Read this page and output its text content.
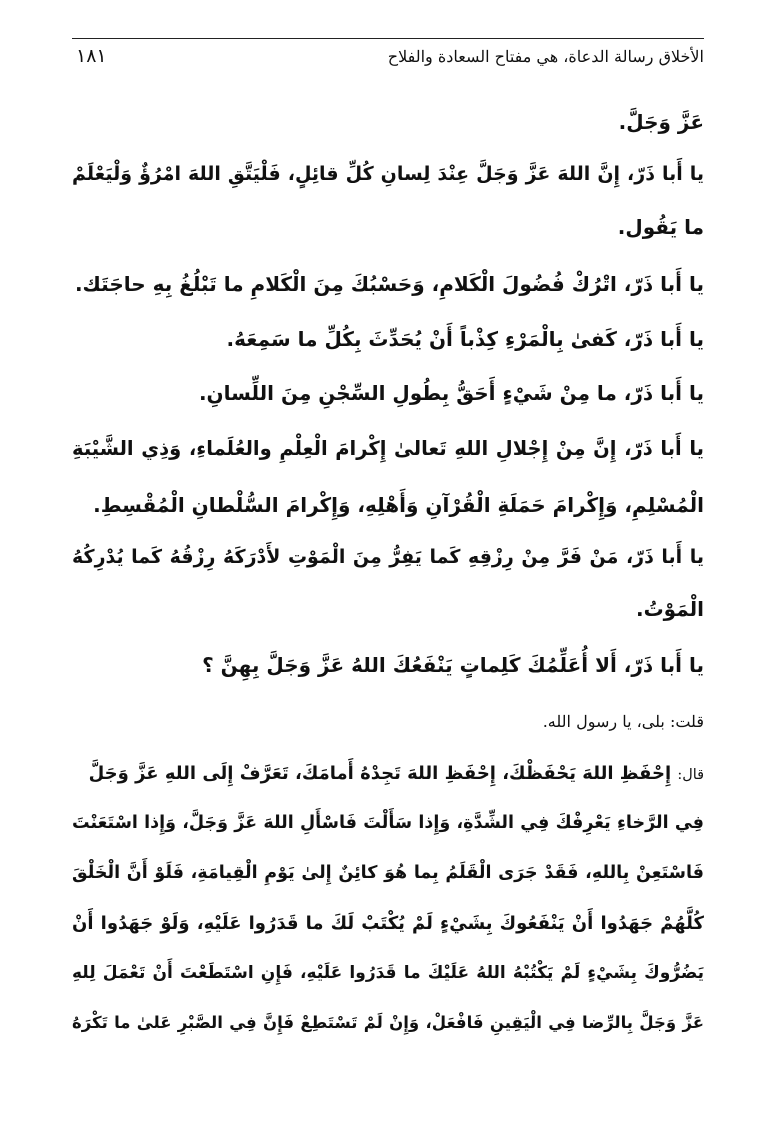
الأخلاق رسالة الدعاة، هي مفتاح السعادة والفلاح
١٨١
عَزَّ وَجَلَّ.
يا أَبا ذَرّ، إِنَّ اللهَ عَزَّ وَجَلَّ عِنْدَ لِسانِ كُلِّ قائِلٍ، فَلْيَتَّقِ اللهَ امْرُؤٌ وَلْيَعْلَمْ
ما يَقُول.
يا أَبا ذَرّ، اتْرُكْ فُضُولَ الْكَلامِ، وَحَسْبُكَ مِنَ الْكَلامِ ما تَبْلُغُ بِهِ حاجَتَك.
يا أَبا ذَرّ، كَفىٰ بِالْمَرْءِ كِذْباً أَنْ يُحَدِّثَ بِكُلِّ ما سَمِعَهُ.
يا أَبا ذَرّ، ما مِنْ شَيْءٍ أَحَقُّ بِطُولِ السِّجْنِ مِنَ اللِّسانِ.
يا أَبا ذَرّ، إِنَّ مِنْ إِجْلالِ اللهِ تَعالىٰ إِكْرامَ الْعِلْمِ والعُلَماءِ، وَذِي الشَّيْبَةِ
الْمُسْلِمِ، وَإِكْرامَ حَمَلَةِ الْقُرْآنِ وَأَهْلِهِ، وَإِكْرامَ السُّلْطانِ الْمُقْسِطِ.
يا أَبا ذَرّ، مَنْ فَرَّ مِنْ رِزْقِهِ كَما يَفِرُّ مِنَ الْمَوْتِ لأَدْرَكَهُ رِزْقُهُ كَما يُدْرِكُهُ
الْمَوْتُ.
يا أَبا ذَرّ، أَلا أُعَلِّمُكَ كَلِماتٍ يَنْفَعُكَ اللهُ عَزَّ وَجَلَّ بِهِنَّ ؟
قلت: بلى، يا رسول الله.
قال: إِحْفَظِ اللهَ يَحْفَظْكَ، إِحْفَظِ اللهَ تَجِدْهُ أَمامَكَ، تَعَرَّفْ إِلَى اللهِ عَزَّ وَجَلَّ
فِي الرَّخاءِ يَعْرِفْكَ فِي الشِّدَّةِ، وَإِذا سَأَلْتَ فَاسْأَلِ اللهَ عَزَّ وَجَلَّ، وَإِذا اسْتَعَنْتَ
فَاسْتَعِنْ بِاللهِ، فَقَدْ جَرَى الْقَلَمُ بِما هُوَ كائِنٌ إِلىٰ يَوْمِ الْقِيامَةِ، فَلَوْ أَنَّ الْخَلْقَ
كُلَّهُمْ جَهَدُوا أَنْ يَنْفَعُوكَ بِشَيْءٍ لَمْ يُكْتَبْ لَكَ ما قَدَرُوا عَلَيْهِ، وَلَوْ جَهَدُوا أَنْ
يَضُرُّوكَ بِشَيْءٍ لَمْ يَكْتُبْهُ اللهُ عَلَيْكَ ما قَدَرُوا عَلَيْهِ، فَإِنِ اسْتَطَعْتَ أَنْ تَعْمَلَ لِلهِ
عَزَّ وَجَلَّ بِالرِّضا فِي الْيَقِينِ فَافْعَلْ، وَإِنْ لَمْ تَسْتَطِعْ فَإِنَّ فِي الصَّبْرِ عَلىٰ ما تَكْرَهُ
